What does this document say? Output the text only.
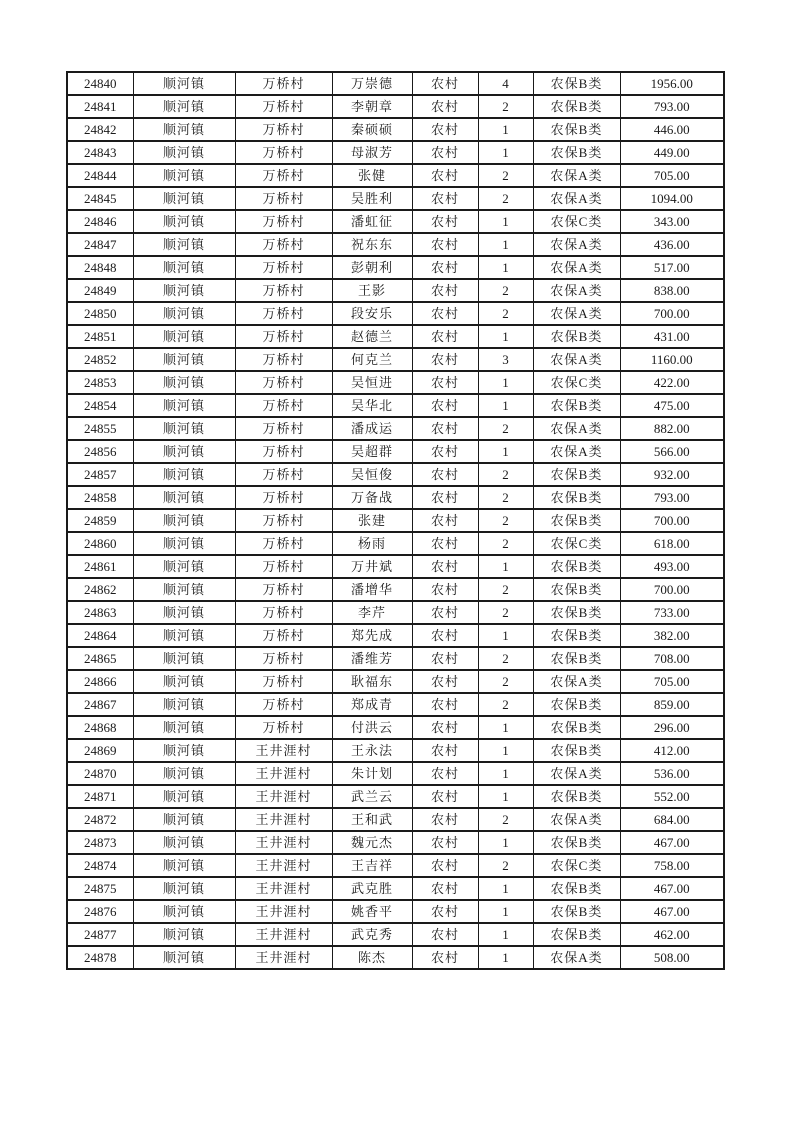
24840	顺河镇	万桥村	万崇德	农村	4	农保B类	1956.00
24841	顺河镇	万桥村	李朝章	农村	2	农保B类	793.00
24842	顺河镇	万桥村	秦硕硕	农村	1	农保B类	446.00
24843	顺河镇	万桥村	母淑芳	农村	1	农保B类	449.00
24844	顺河镇	万桥村	张健	农村	2	农保A类	705.00
24845	顺河镇	万桥村	吴胜利	农村	2	农保A类	1094.00
24846	顺河镇	万桥村	潘虹征	农村	1	农保C类	343.00
24847	顺河镇	万桥村	祝东东	农村	1	农保A类	436.00
24848	顺河镇	万桥村	彭朝利	农村	1	农保A类	517.00
24849	顺河镇	万桥村	王影	农村	2	农保A类	838.00
24850	顺河镇	万桥村	段安乐	农村	2	农保A类	700.00
24851	顺河镇	万桥村	赵德兰	农村	1	农保B类	431.00
24852	顺河镇	万桥村	何克兰	农村	3	农保A类	1160.00
24853	顺河镇	万桥村	吴恒进	农村	1	农保C类	422.00
24854	顺河镇	万桥村	吴华北	农村	1	农保B类	475.00
24855	顺河镇	万桥村	潘成运	农村	2	农保A类	882.00
24856	顺河镇	万桥村	吴超群	农村	1	农保A类	566.00
24857	顺河镇	万桥村	吴恒俊	农村	2	农保B类	932.00
24858	顺河镇	万桥村	万备战	农村	2	农保B类	793.00
24859	顺河镇	万桥村	张建	农村	2	农保B类	700.00
24860	顺河镇	万桥村	杨雨	农村	2	农保C类	618.00
24861	顺河镇	万桥村	万井斌	农村	1	农保B类	493.00
24862	顺河镇	万桥村	潘增华	农村	2	农保B类	700.00
24863	顺河镇	万桥村	李芹	农村	2	农保B类	733.00
24864	顺河镇	万桥村	郑先成	农村	1	农保B类	382.00
24865	顺河镇	万桥村	潘维芳	农村	2	农保B类	708.00
24866	顺河镇	万桥村	耿福东	农村	2	农保A类	705.00
24867	顺河镇	万桥村	郑成青	农村	2	农保B类	859.00
24868	顺河镇	万桥村	付洪云	农村	1	农保B类	296.00
24869	顺河镇	王井涯村	王永法	农村	1	农保B类	412.00
24870	顺河镇	王井涯村	朱计划	农村	1	农保A类	536.00
24871	顺河镇	王井涯村	武兰云	农村	1	农保B类	552.00
24872	顺河镇	王井涯村	王和武	农村	2	农保A类	684.00
24873	顺河镇	王井涯村	魏元杰	农村	1	农保B类	467.00
24874	顺河镇	王井涯村	王吉祥	农村	2	农保C类	758.00
24875	顺河镇	王井涯村	武克胜	农村	1	农保B类	467.00
24876	顺河镇	王井涯村	姚香平	农村	1	农保B类	467.00
24877	顺河镇	王井涯村	武克秀	农村	1	农保B类	462.00
24878	顺河镇	王井涯村	陈杰	农村	1	农保A类	508.00
